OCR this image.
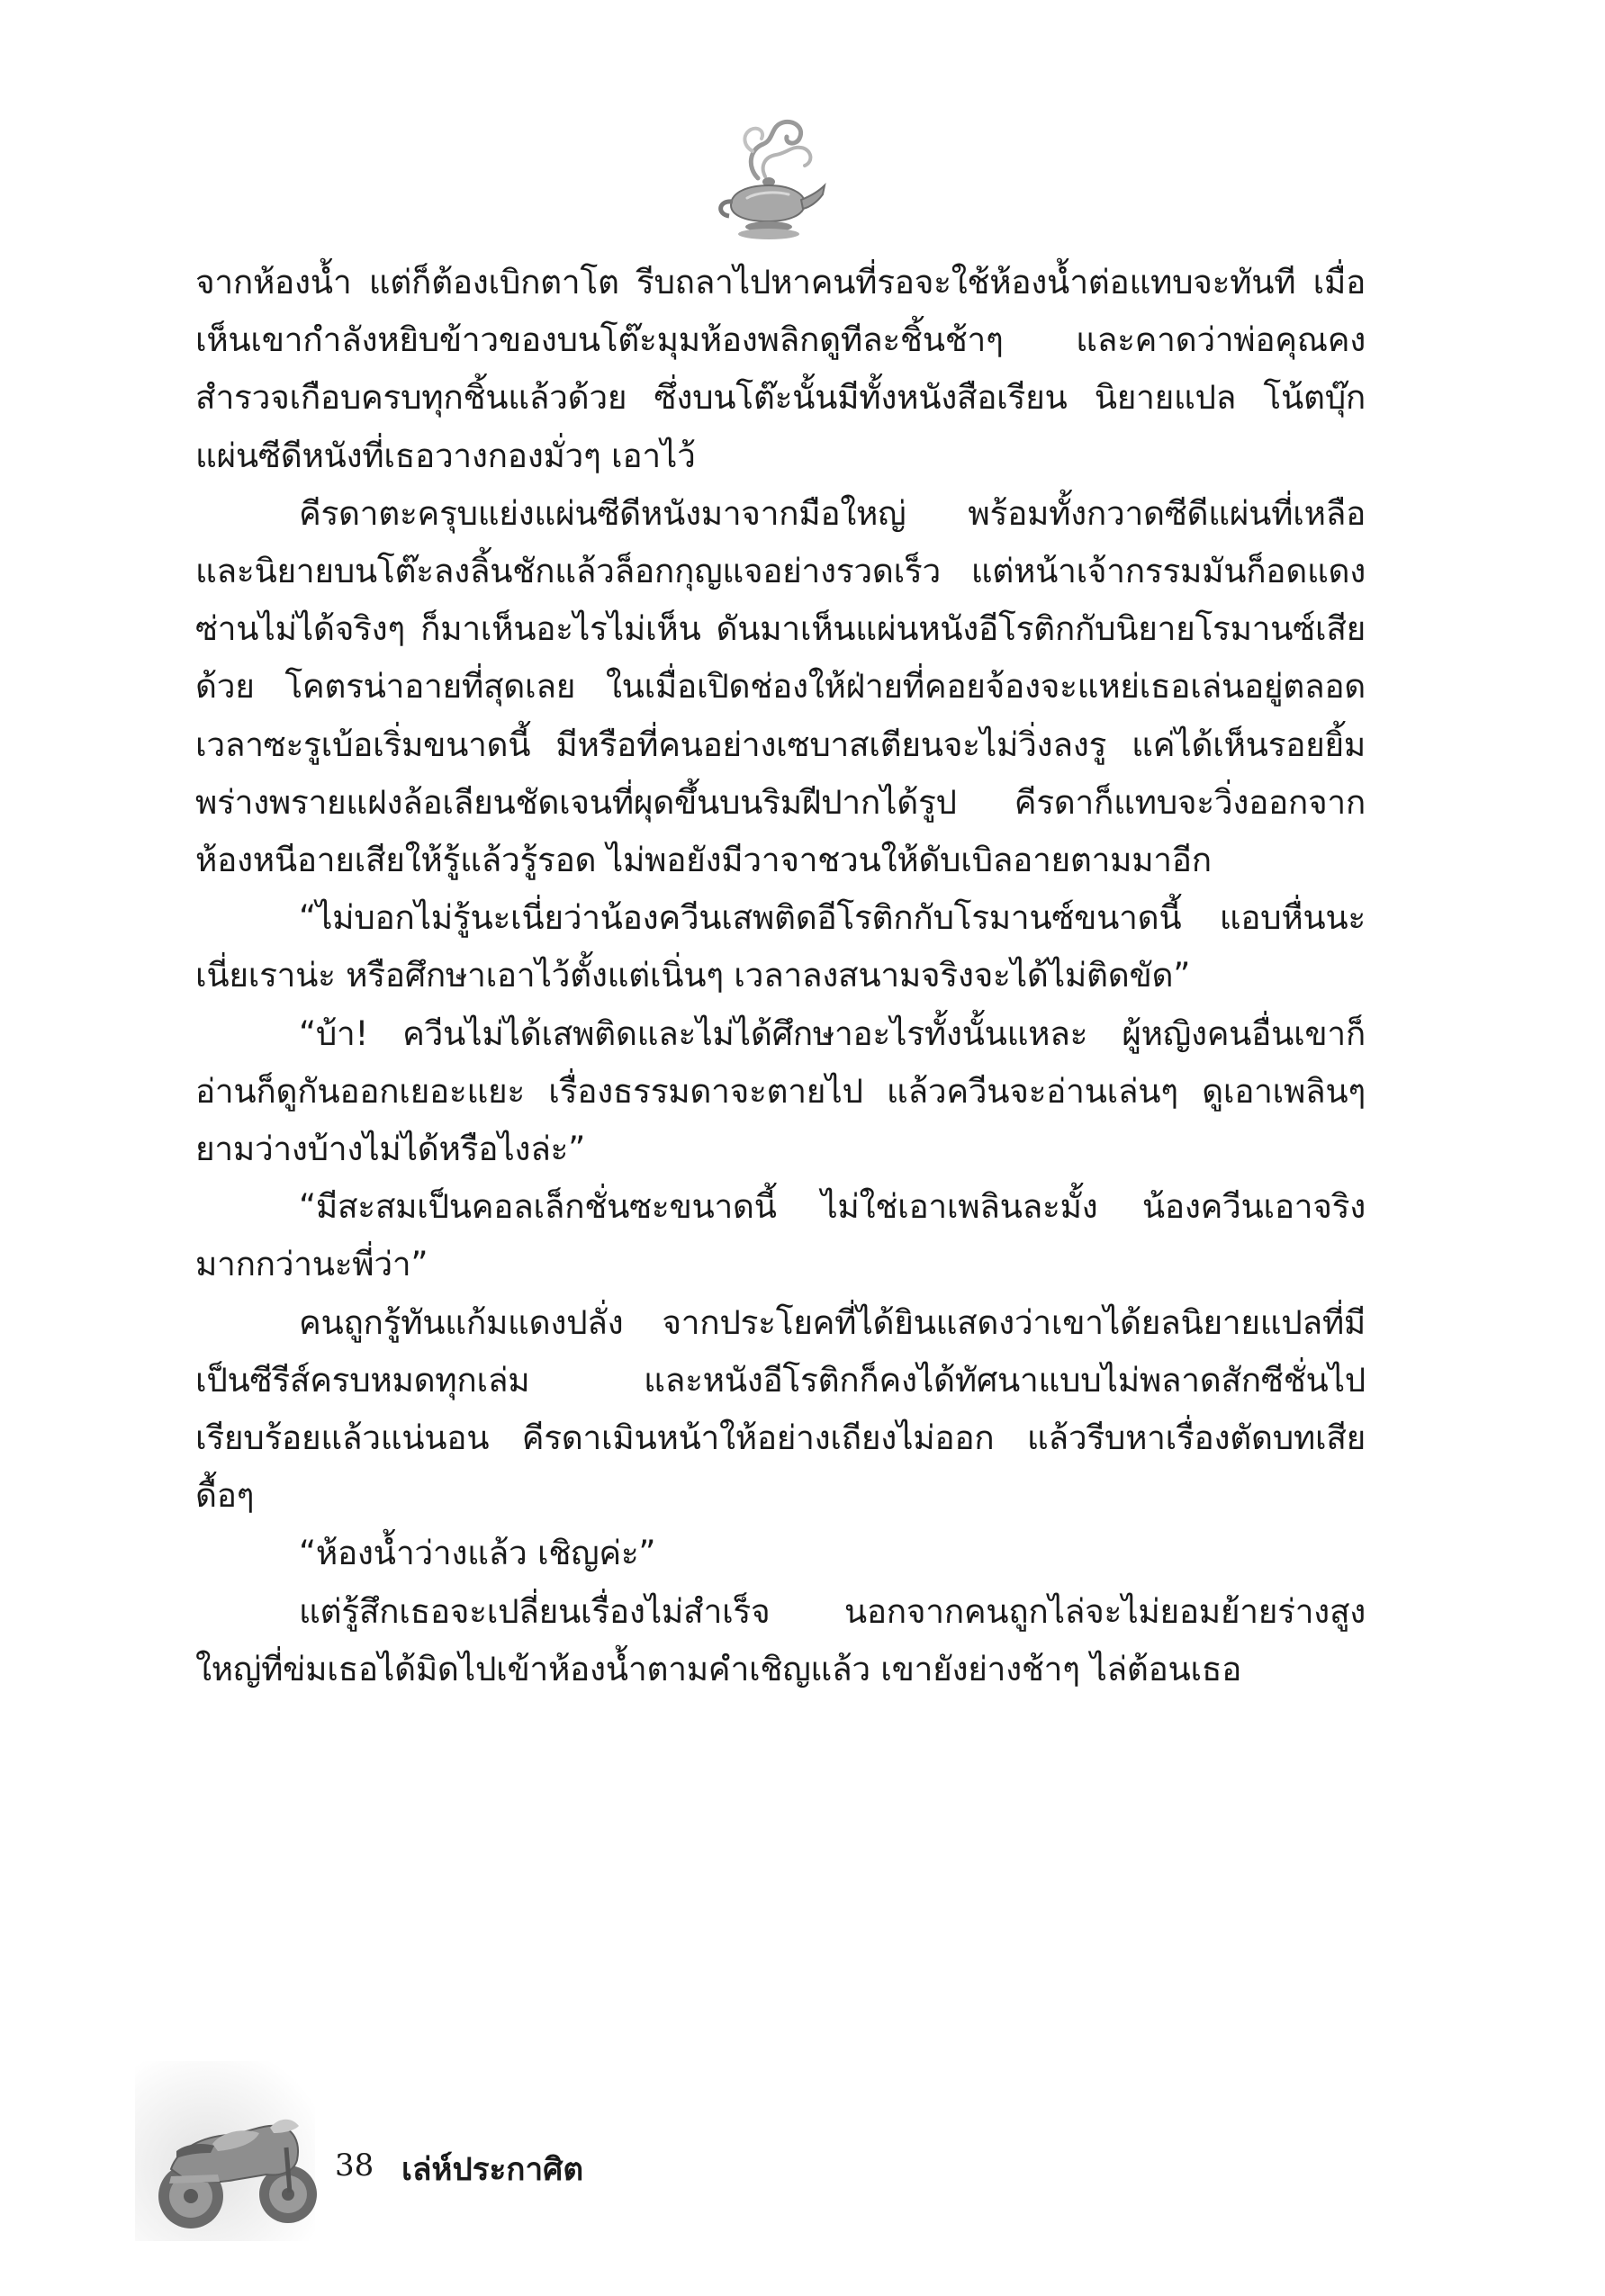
จากห้องน้ำ แต่ก็ต้องเบิกตาโต รีบถลาไปหาคนที่รอจะใช้ห้องน้ำต่อแทบจะทันที เมื่อเห็นเขากำลังหยิบข้าวของบนโต๊ะมุมห้องพลิกดูทีละชิ้นช้าๆ และคาดว่าพ่อคุณคงสำรวจเกือบครบทุกชิ้นแล้วด้วย ซึ่งบนโต๊ะนั้นมีทั้งหนังสือเรียน นิยายแปล โน้ตบุ๊ก แผ่นซีดีหนังที่เธอวางกองมั่วๆ เอาไว้

คีรดาตะครุบแย่งแผ่นซีดีหนังมาจากมือใหญ่ พร้อมทั้งกวาดซีดีแผ่นที่เหลือและนิยายบนโต๊ะลงลิ้นชักแล้วล็อกกุญแจอย่างรวดเร็ว แต่หน้าเจ้ากรรมมันก็อดแดงซ่านไม่ได้จริงๆ ก็มาเห็นอะไรไม่เห็น ดันมาเห็นแผ่นหนังอีโรติกกับนิยายโรมานซ์เสียด้วย โคตรน่าอายที่สุดเลย ในเมื่อเปิดช่องให้ฝ่ายที่คอยจ้องจะแหย่เธอเล่นอยู่ตลอดเวลาซะรูเบ้อเริ่มขนาดนี้ มีหรือที่คนอย่างเซบาสเตียนจะไม่วิ่งลงรู แค่ได้เห็นรอยยิ้มพร่างพรายแฝงล้อเลียนชัดเจนที่ผุดขึ้นบนริมฝีปากได้รูป คีรดาก็แทบจะวิ่งออกจากห้องหนีอายเสียให้รู้แล้วรู้รอด ไม่พอยังมีวาจาชวนให้ดับเบิลอายตามมาอีก

“ไม่บอกไม่รู้นะเนี่ยว่าน้องควีนเสพติดอีโรติกกับโรมานซ์ขนาดนี้ แอบหื่นนะเนี่ยเราน่ะ หรือศึกษาเอาไว้ตั้งแต่เนิ่นๆ เวลาลงสนามจริงจะได้ไม่ติดขัด”

“บ้า! ควีนไม่ได้เสพติดและไม่ได้ศึกษาอะไรทั้งนั้นแหละ ผู้หญิงคนอื่นเขาก็อ่านก็ดูกันออกเยอะแยะ เรื่องธรรมดาจะตายไป แล้วควีนจะอ่านเล่นๆ ดูเอาเพลินๆ ยามว่างบ้างไม่ได้หรือไงล่ะ”

“มีสะสมเป็นคอลเล็กชั่นซะขนาดนี้ ไม่ใช่เอาเพลินละมั้ง น้องควีนเอาจริงมากกว่านะพี่ว่า”

คนถูกรู้ทันแก้มแดงปลั่ง จากประโยคที่ได้ยินแสดงว่าเขาได้ยลนิยายแปลที่มีเป็นซีรีส์ครบหมดทุกเล่ม และหนังอีโรติกก็คงได้ทัศนาแบบไม่พลาดสักซีชั่นไปเรียบร้อยแล้วแน่นอน คีรดาเมินหน้าให้อย่างเถียงไม่ออก แล้วรีบหาเรื่องตัดบทเสียดื้อๆ

“ห้องน้ำว่างแล้ว เชิญค่ะ”

แต่รู้สึกเธอจะเปลี่ยนเรื่องไม่สำเร็จ นอกจากคนถูกไล่จะไม่ยอมย้ายร่างสูงใหญ่ที่ข่มเธอได้มิดไปเข้าห้องน้ำตามคำเชิญแล้ว เขายังย่างช้าๆ ไล่ต้อนเธอ

38 เล่ห์ประกาศิต
